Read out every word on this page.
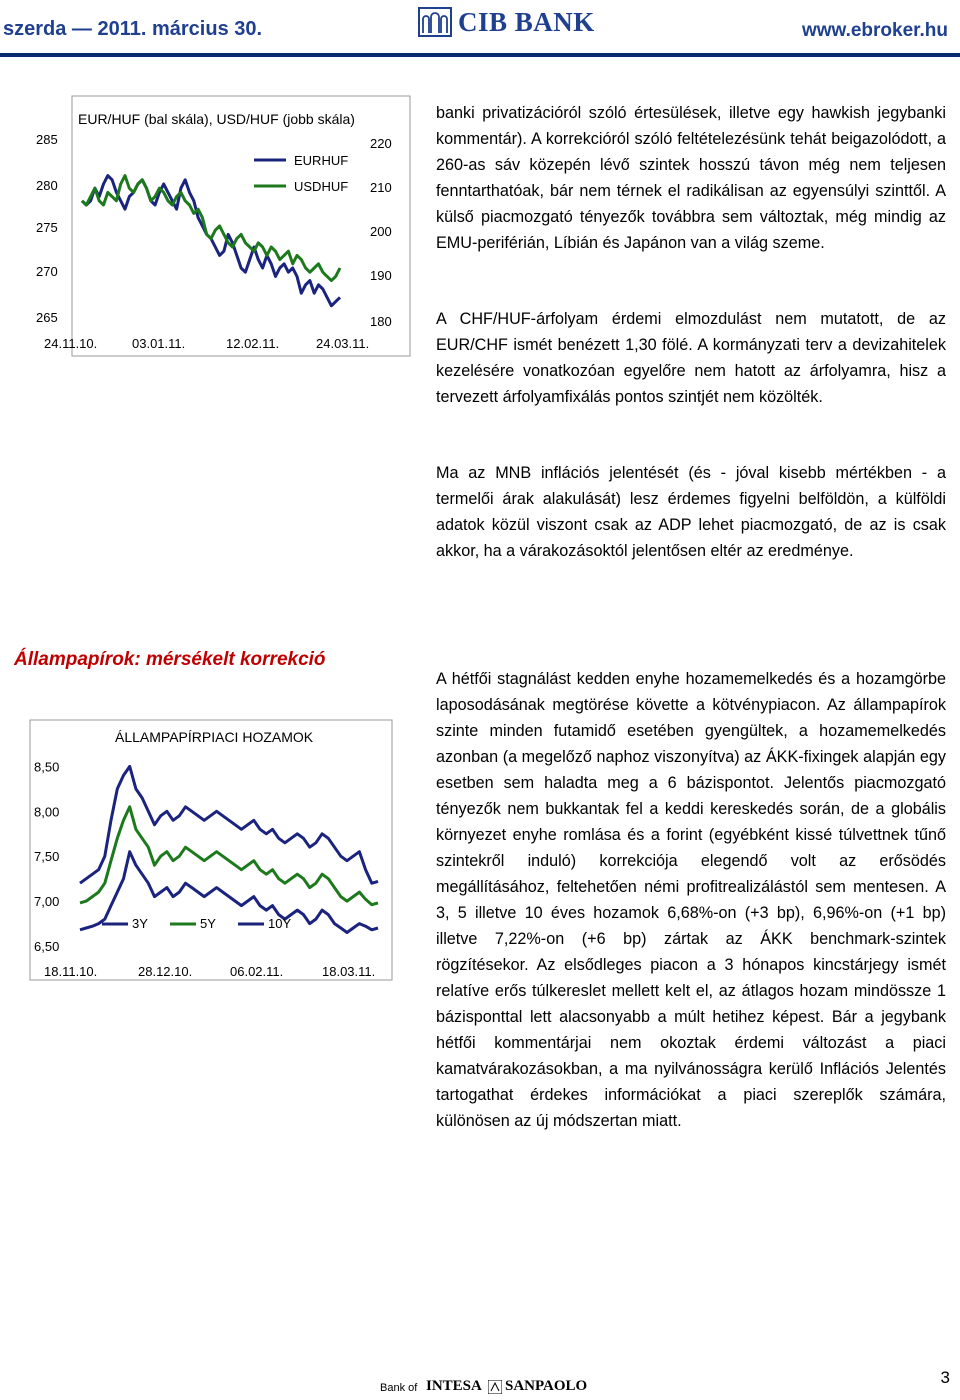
szerda — 2011. március 30.	CIB BANK	www.ebroker.hu
EUR/HUF (bal skála), USD/HUF (jobb skála)
285
280
275
270
265
220
210
200
190
180
24.11.10.	03.01.11.	12.02.11.	24.03.11.
EURHUF
USDHUF

banki privatizációról szóló értesülések, illetve egy hawkish jegybanki kommentár). A korrekcióról szóló feltételezésünk tehát beigazolódott, a 260-as sáv közepén lévő szintek hosszú távon még nem teljesen fenntarthatóak, bár nem térnek el radikálisan az egyensúlyi szinttől. A külső piacmozgató tényezők továbbra sem változtak, még mindig az EMU-periférián, Líbián és Japánon van a világ szeme.

A CHF/HUF-árfolyam érdemi elmozdulást nem mutatott, de az EUR/CHF ismét benézett 1,30 fölé. A kormányzati terv a devizahitelek kezelésére vonatkozóan egyelőre nem hatott az árfolyamra, hisz a tervezett árfolyamfixálás pontos szintjét nem közölték.

Ma az MNB inflációs jelentését (és - jóval kisebb mértékben - a termelői árak alakulását) lesz érdemes figyelni belföldön, a külföldi adatok közül viszont csak az ADP lehet piacmozgató, de az is csak akkor, ha a várakozásoktól jelentősen eltér az eredménye.

Állampapírok: mérsékelt korrekció
ÁLLAMPAPÍRPIACI HOZAMOK
8,50
8,00
7,50
7,00
6,50
18.11.10.	28.12.10.	06.02.11.	18.03.11.
3Y	5Y	10Y

A hétfői stagnálást kedden enyhe hozamemelkedés és a hozamgörbe laposodásának megtörése követte a kötvénypiacon. Az állampapírok szinte minden futamidő esetében gyengültek, a hozamemelkedés azonban (a megelőző naphoz viszonyítva) az ÁKK-fixingek alapján egy esetben sem haladta meg a 6 bázispontot. Jelentős piacmozgató tényezők nem bukkantak fel a keddi kereskedés során, de a globális környezet enyhe romlása és a forint (egyébként kissé túlvettnek tűnő szintekről induló) korrekciója elegendő volt az erősödés megállításához, feltehetően némi profitrealizálástól sem mentesen. A 3, 5 illetve 10 éves hozamok 6,68%-on (+3 bp), 6,96%-on (+1 bp) illetve 7,22%-on (+6 bp) zártak az ÁKK benchmark-szintek rögzítésekor. Az elsődleges piacon a 3 hónapos kincstárjegy ismét relatíve erős túlkereslet mellett kelt el, az átlagos hozam mindössze 1 bázisponttal lett alacsonyabb a múlt hetihez képest. Bár a jegybank hétfői kommentárjai nem okoztak érdemi változást a piaci kamatvárakozásokban, a ma nyilvánosságra kerülő Inflációs Jelentés tartogathat érdekes információkat a piaci szereplők számára, különösen az új módszertan miatt.

Bank of INTESA SANPAOLO	3
